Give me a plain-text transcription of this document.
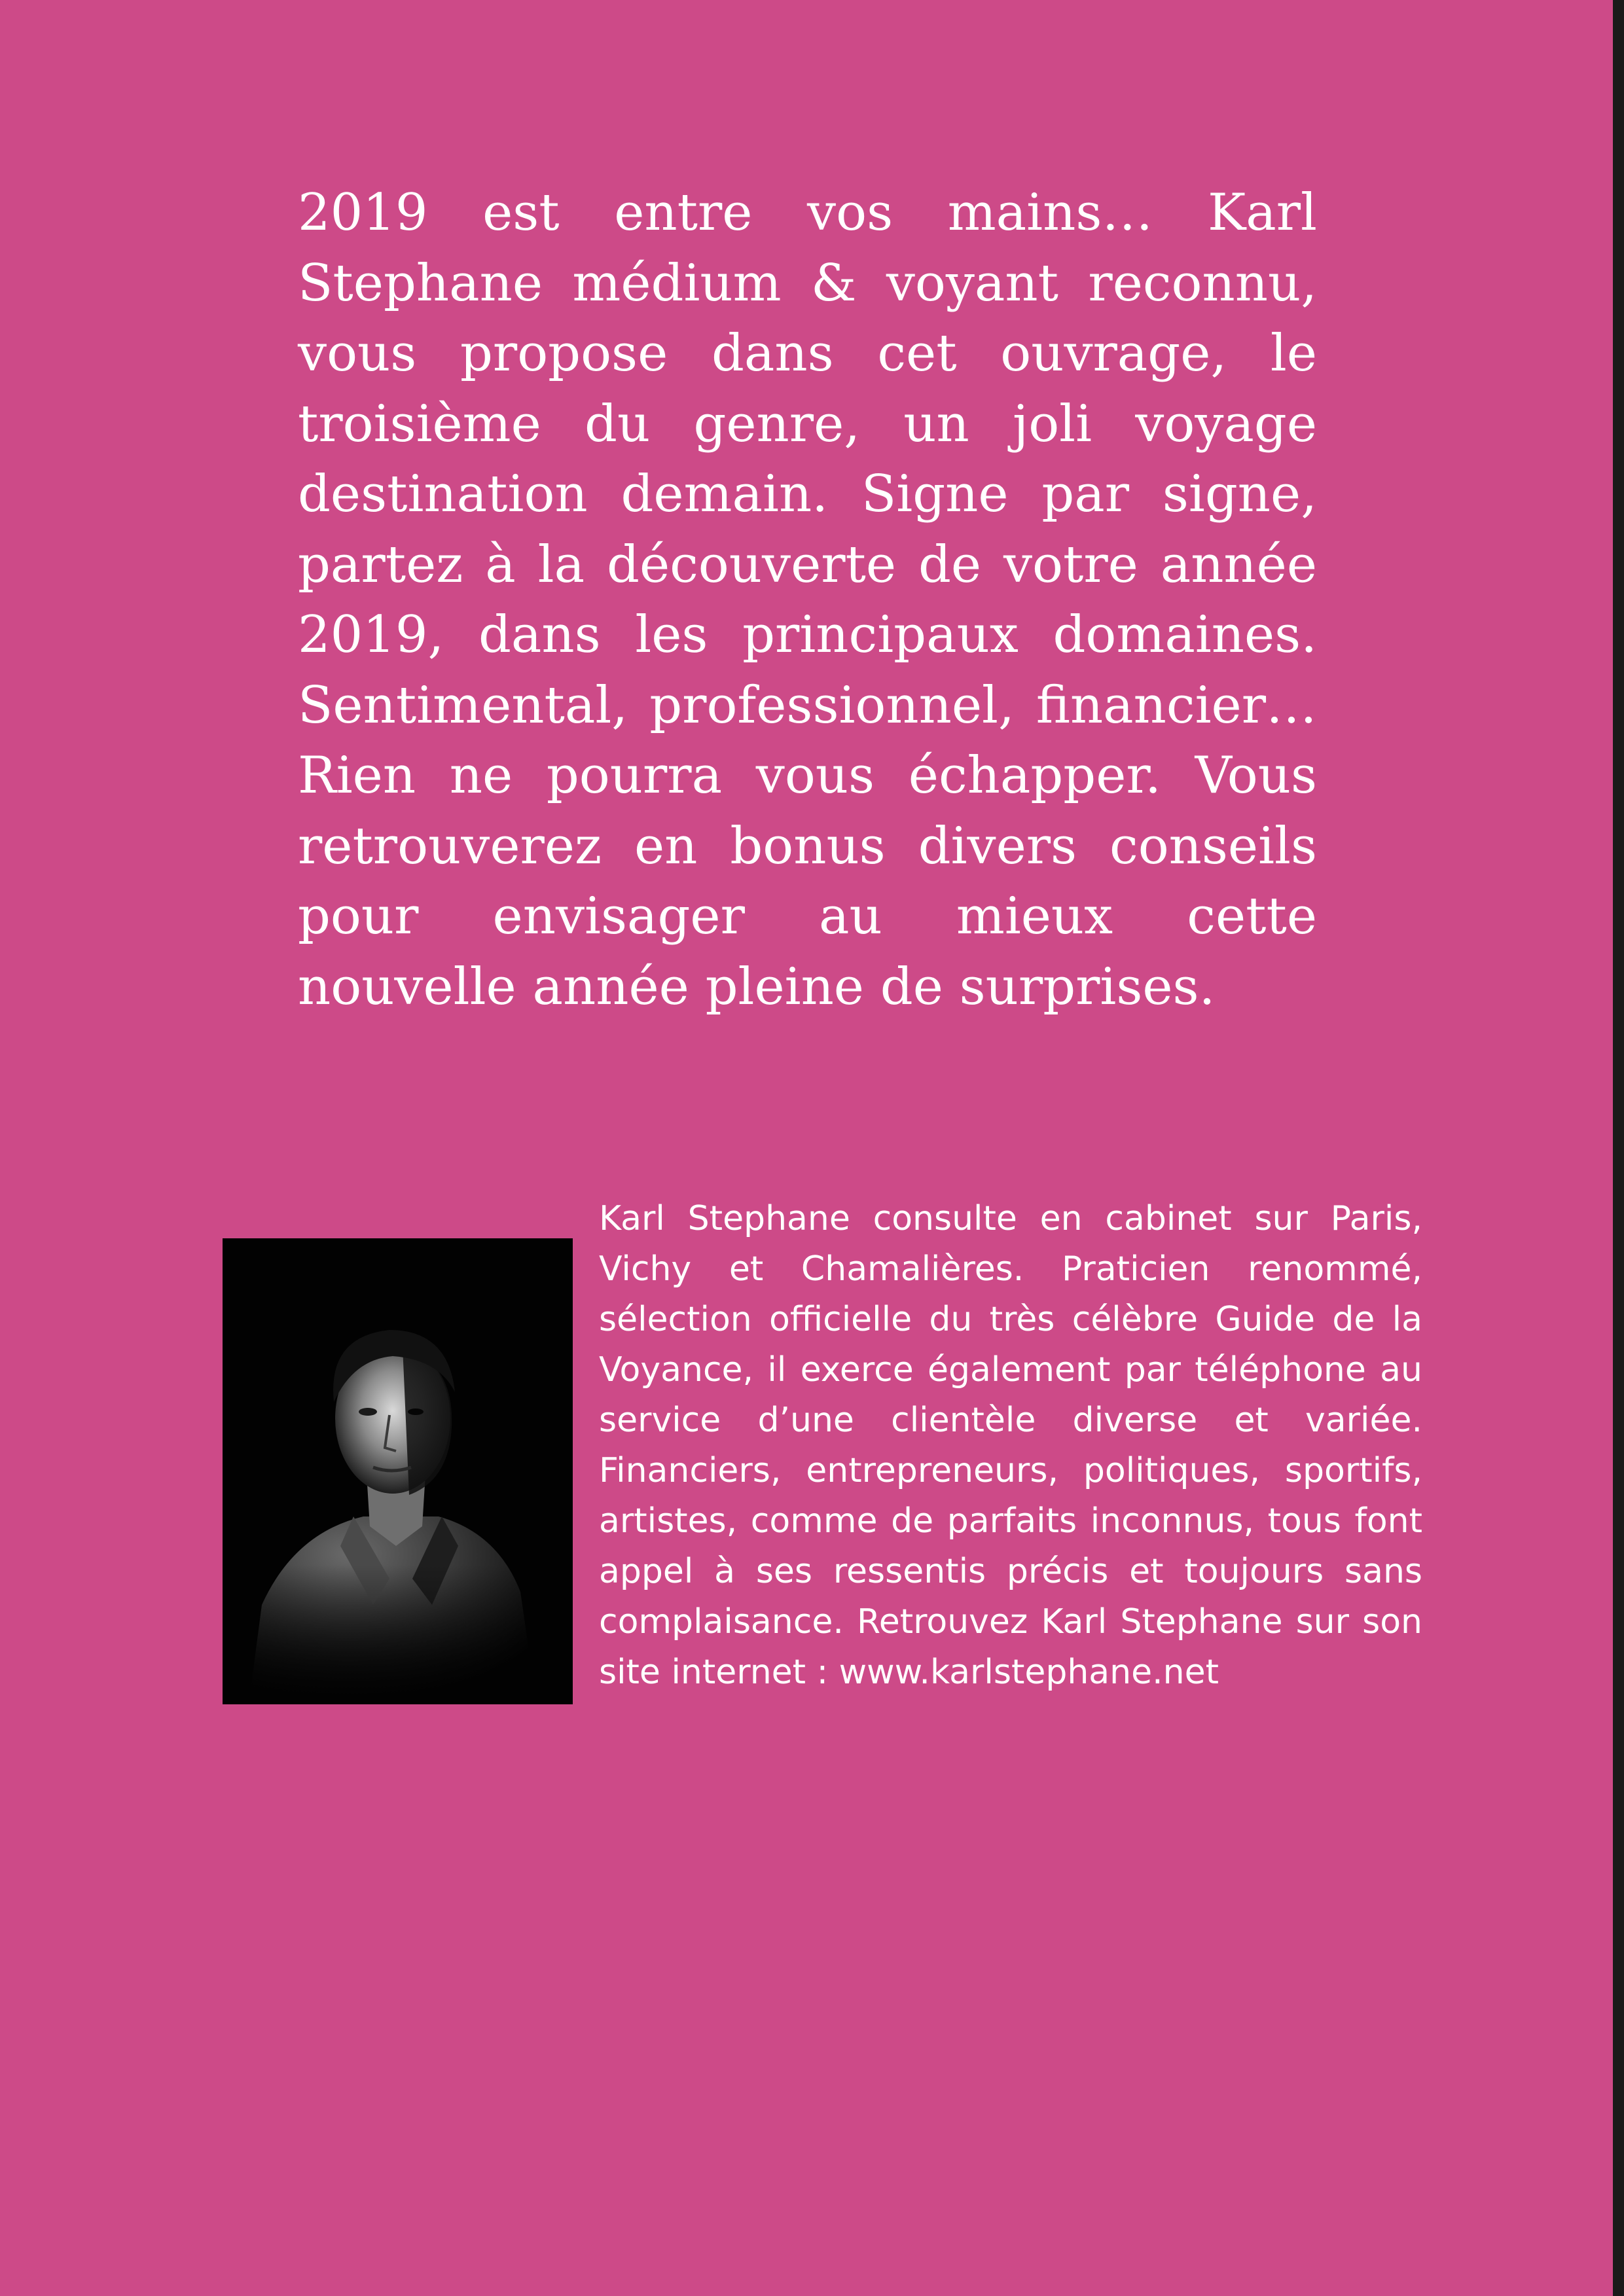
2019 est entre vos mains… Karl Stephane médium & voyant reconnu, vous propose dans cet ouvrage, le troisième du genre, un joli voyage destination demain. Signe par signe, partez à la découverte de votre année 2019, dans les principaux domaines. Sentimental, professionnel, financier… Rien ne pourra vous échapper. Vous retrouverez en bonus divers conseils pour envisager au mieux cette nouvelle année pleine de surprises.

Karl Stephane consulte en cabinet sur Paris, Vichy et Chamalières. Praticien renommé, sélection officielle du très célèbre Guide de la Voyance, il exerce également par téléphone au service d’une clientèle diverse et variée. Financiers, entrepreneurs, politiques, sportifs, artistes, comme de parfaits inconnus, tous font appel à ses ressentis précis et toujours sans complaisance. Retrouvez Karl Stephane sur son site internet : www.karlstephane.net
